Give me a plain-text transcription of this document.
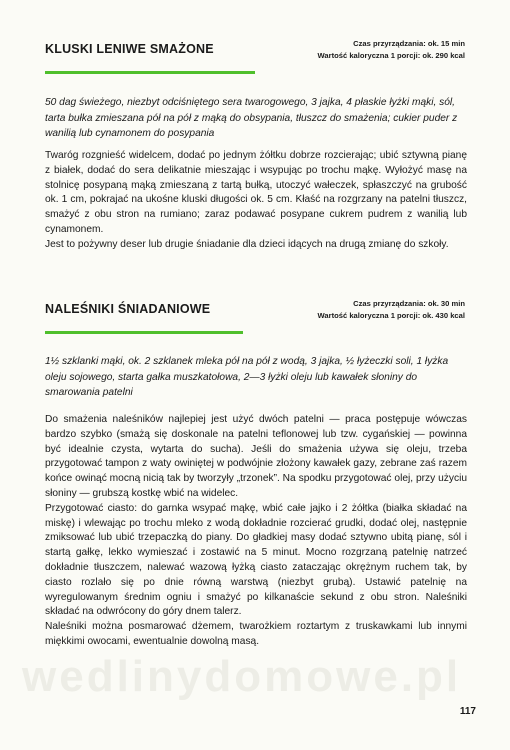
wedlinydomowe.pl
KLUSKI LENIWE SMAŻONE	Czas przyrządzania: ok. 15 min
Wartość kaloryczna 1 porcji: ok. 290 kcal
50 dag świeżego, niezbyt odciśniętego sera twarogowego, 3 jajka, 4 płaskie łyżki mąki, sól, tarta bułka zmieszana pół na pół z mąką do obsypania, tłuszcz do smażenia; cukier puder z wanilią lub cynamonem do posypania

Twaróg rozgnieść widelcem, dodać po jednym żółtku dobrze rozcierając; ubić sztywną pianę z białek, dodać do sera delikatnie mieszając i wsypując po trochu mąkę. Wyłożyć masę na stolnicę posypaną mąką zmieszaną z tartą bułką, utoczyć wałeczek, spłaszczyć na grubość ok. 1 cm, pokrajać na ukośne kluski długości ok. 5 cm. Kłaść na rozgrzany na patelni tłuszcz, smażyć z obu stron na rumiano; zaraz podawać posypane cukrem pudrem z wanilią lub cynamonem.

Jest to pożywny deser lub drugie śniadanie dla dzieci idących na drugą zmianę do szkoły.

NALEŚNIKI ŚNIADANIOWE	Czas przyrządzania: ok. 30 min
Wartość kaloryczna 1 porcji: ok. 430 kcal
1½ szklanki mąki, ok. 2 szklanek mleka pół na pół z wodą, 3 jajka, ½ łyżeczki soli, 1 łyżka oleju sojowego, starta gałka muszkatołowa, 2—3 łyżki oleju lub kawałek słoniny do smarowania patelni

Do smażenia naleśników najlepiej jest użyć dwóch patelni — praca postępuje wówczas bardzo szybko (smażą się doskonale na patelni teflonowej lub tzw. cygańskiej — powinna być idealnie czysta, wytarta do sucha). Jeśli do smażenia używa się oleju, trzeba przygotować tampon z waty owiniętej w podwójnie złożony kawałek gazy, zebrane zaś razem końce owinąć mocną nicią tak by tworzyły „trzonek”. Na spodku przygotować olej, przy użyciu słoniny — grubszą kostkę wbić na widelec.

Przygotować ciasto: do garnka wsypać mąkę, wbić całe jajko i 2 żółtka (białka składać na miskę) i wlewając po trochu mleko z wodą dokładnie rozcierać grudki, dodać olej, następnie zmiksować lub ubić trzepaczką do piany. Do gładkiej masy dodać sztywno ubitą pianę, sól i startą gałkę, lekko wymieszać i zostawić na 5 minut. Mocno rozgrzaną patelnię natrzeć dokładnie tłuszczem, nalewać wazową łyżką ciasto zataczając okrężnym ruchem tak, by ciasto rozlało się po dnie równą warstwą (niezbyt grubą). Ustawić patelnię na wyregulowanym średnim ogniu i smażyć po kilkanaście sekund z obu stron. Naleśniki składać na odwrócony do góry dnem talerz.

Naleśniki można posmarować dżemem, twarożkiem roztartym z truskawkami lub innymi miękkimi owocami, ewentualnie dowolną masą.

117
